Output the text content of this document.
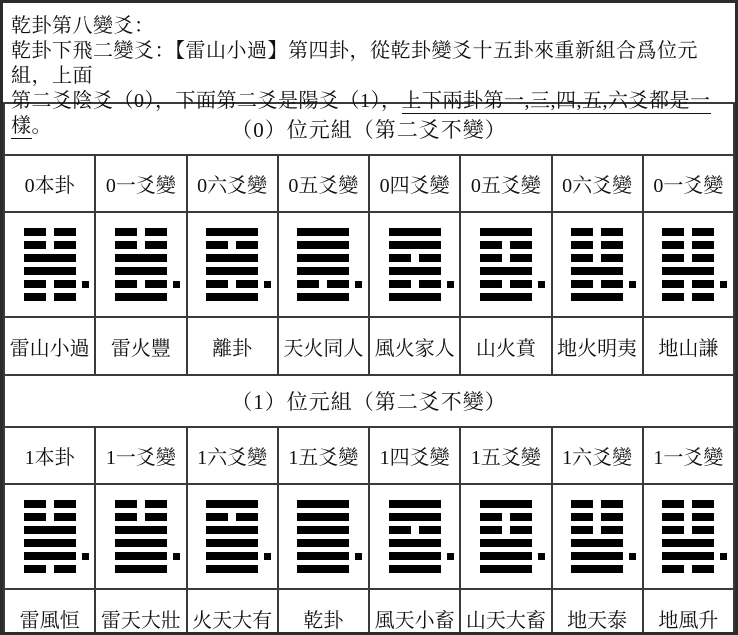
乾卦第八變爻：
乾卦下飛二變爻：【雷山小過】第四卦，從乾卦變爻十五卦來重新組合爲位元組，上面
第二爻陰爻（0），下面第二爻是陽爻（1），上下兩卦第一,三,四,五,六爻都是一樣。	（0）位元組（第二爻不變）							
0本卦	0一爻變	0六爻變	0五爻變	0四爻變	0五爻變	0六爻變	0一爻變

雷山小過	雷火豐	離卦	天火同人	風火家人	山火賁	地火明夷	地山謙
（1）位元組（第二爻不變）							
1本卦	1一爻變	1六爻變	1五爻變	1四爻變	1五爻變	1六爻變	1一爻變

雷風恒	雷天大壯	火天大有	乾卦	風天小畜	山天大畜	地天泰	地風升
